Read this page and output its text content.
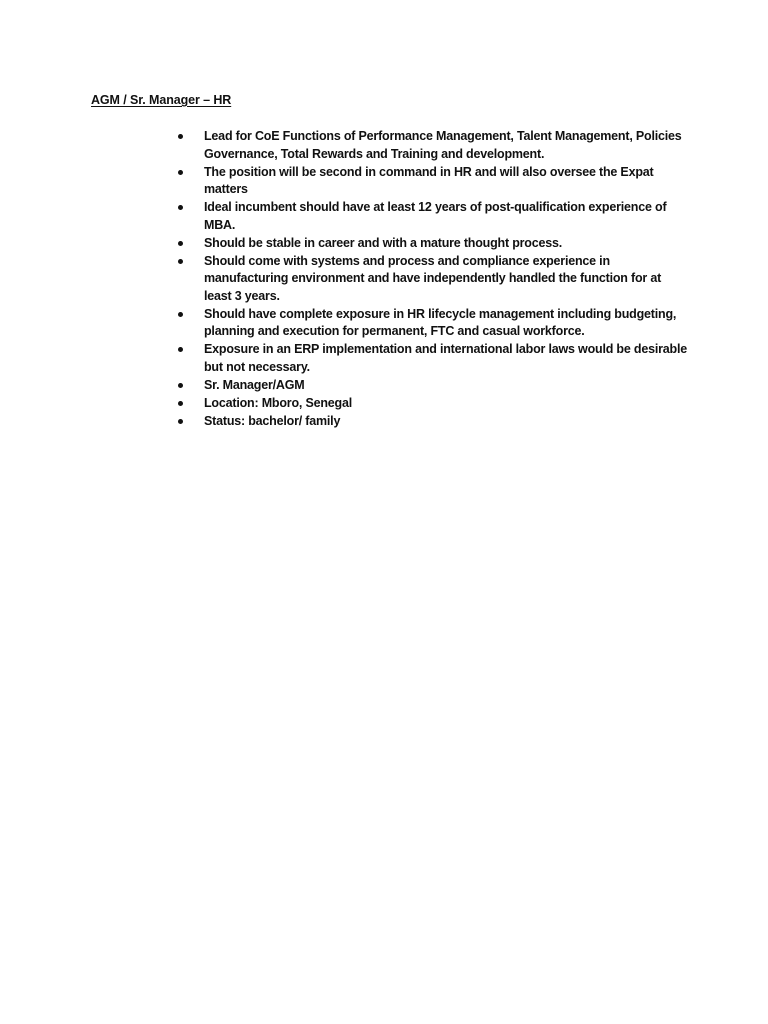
AGM / Sr. Manager – HR
Lead for CoE Functions of Performance Management, Talent Management, Policies Governance, Total Rewards and Training and development.
The position will be second in command in HR and will also oversee the Expat matters
Ideal incumbent should have at least 12 years of post-qualification experience of MBA.
Should be stable in career and with a mature thought process.
Should come with systems and process and compliance experience in manufacturing environment and have independently handled the function for at least 3 years.
Should have complete exposure in HR lifecycle management including budgeting, planning and execution for permanent, FTC and casual workforce.
Exposure in an ERP implementation and international labor laws would be desirable but not necessary.
Sr. Manager/AGM
Location: Mboro, Senegal
Status: bachelor/ family
